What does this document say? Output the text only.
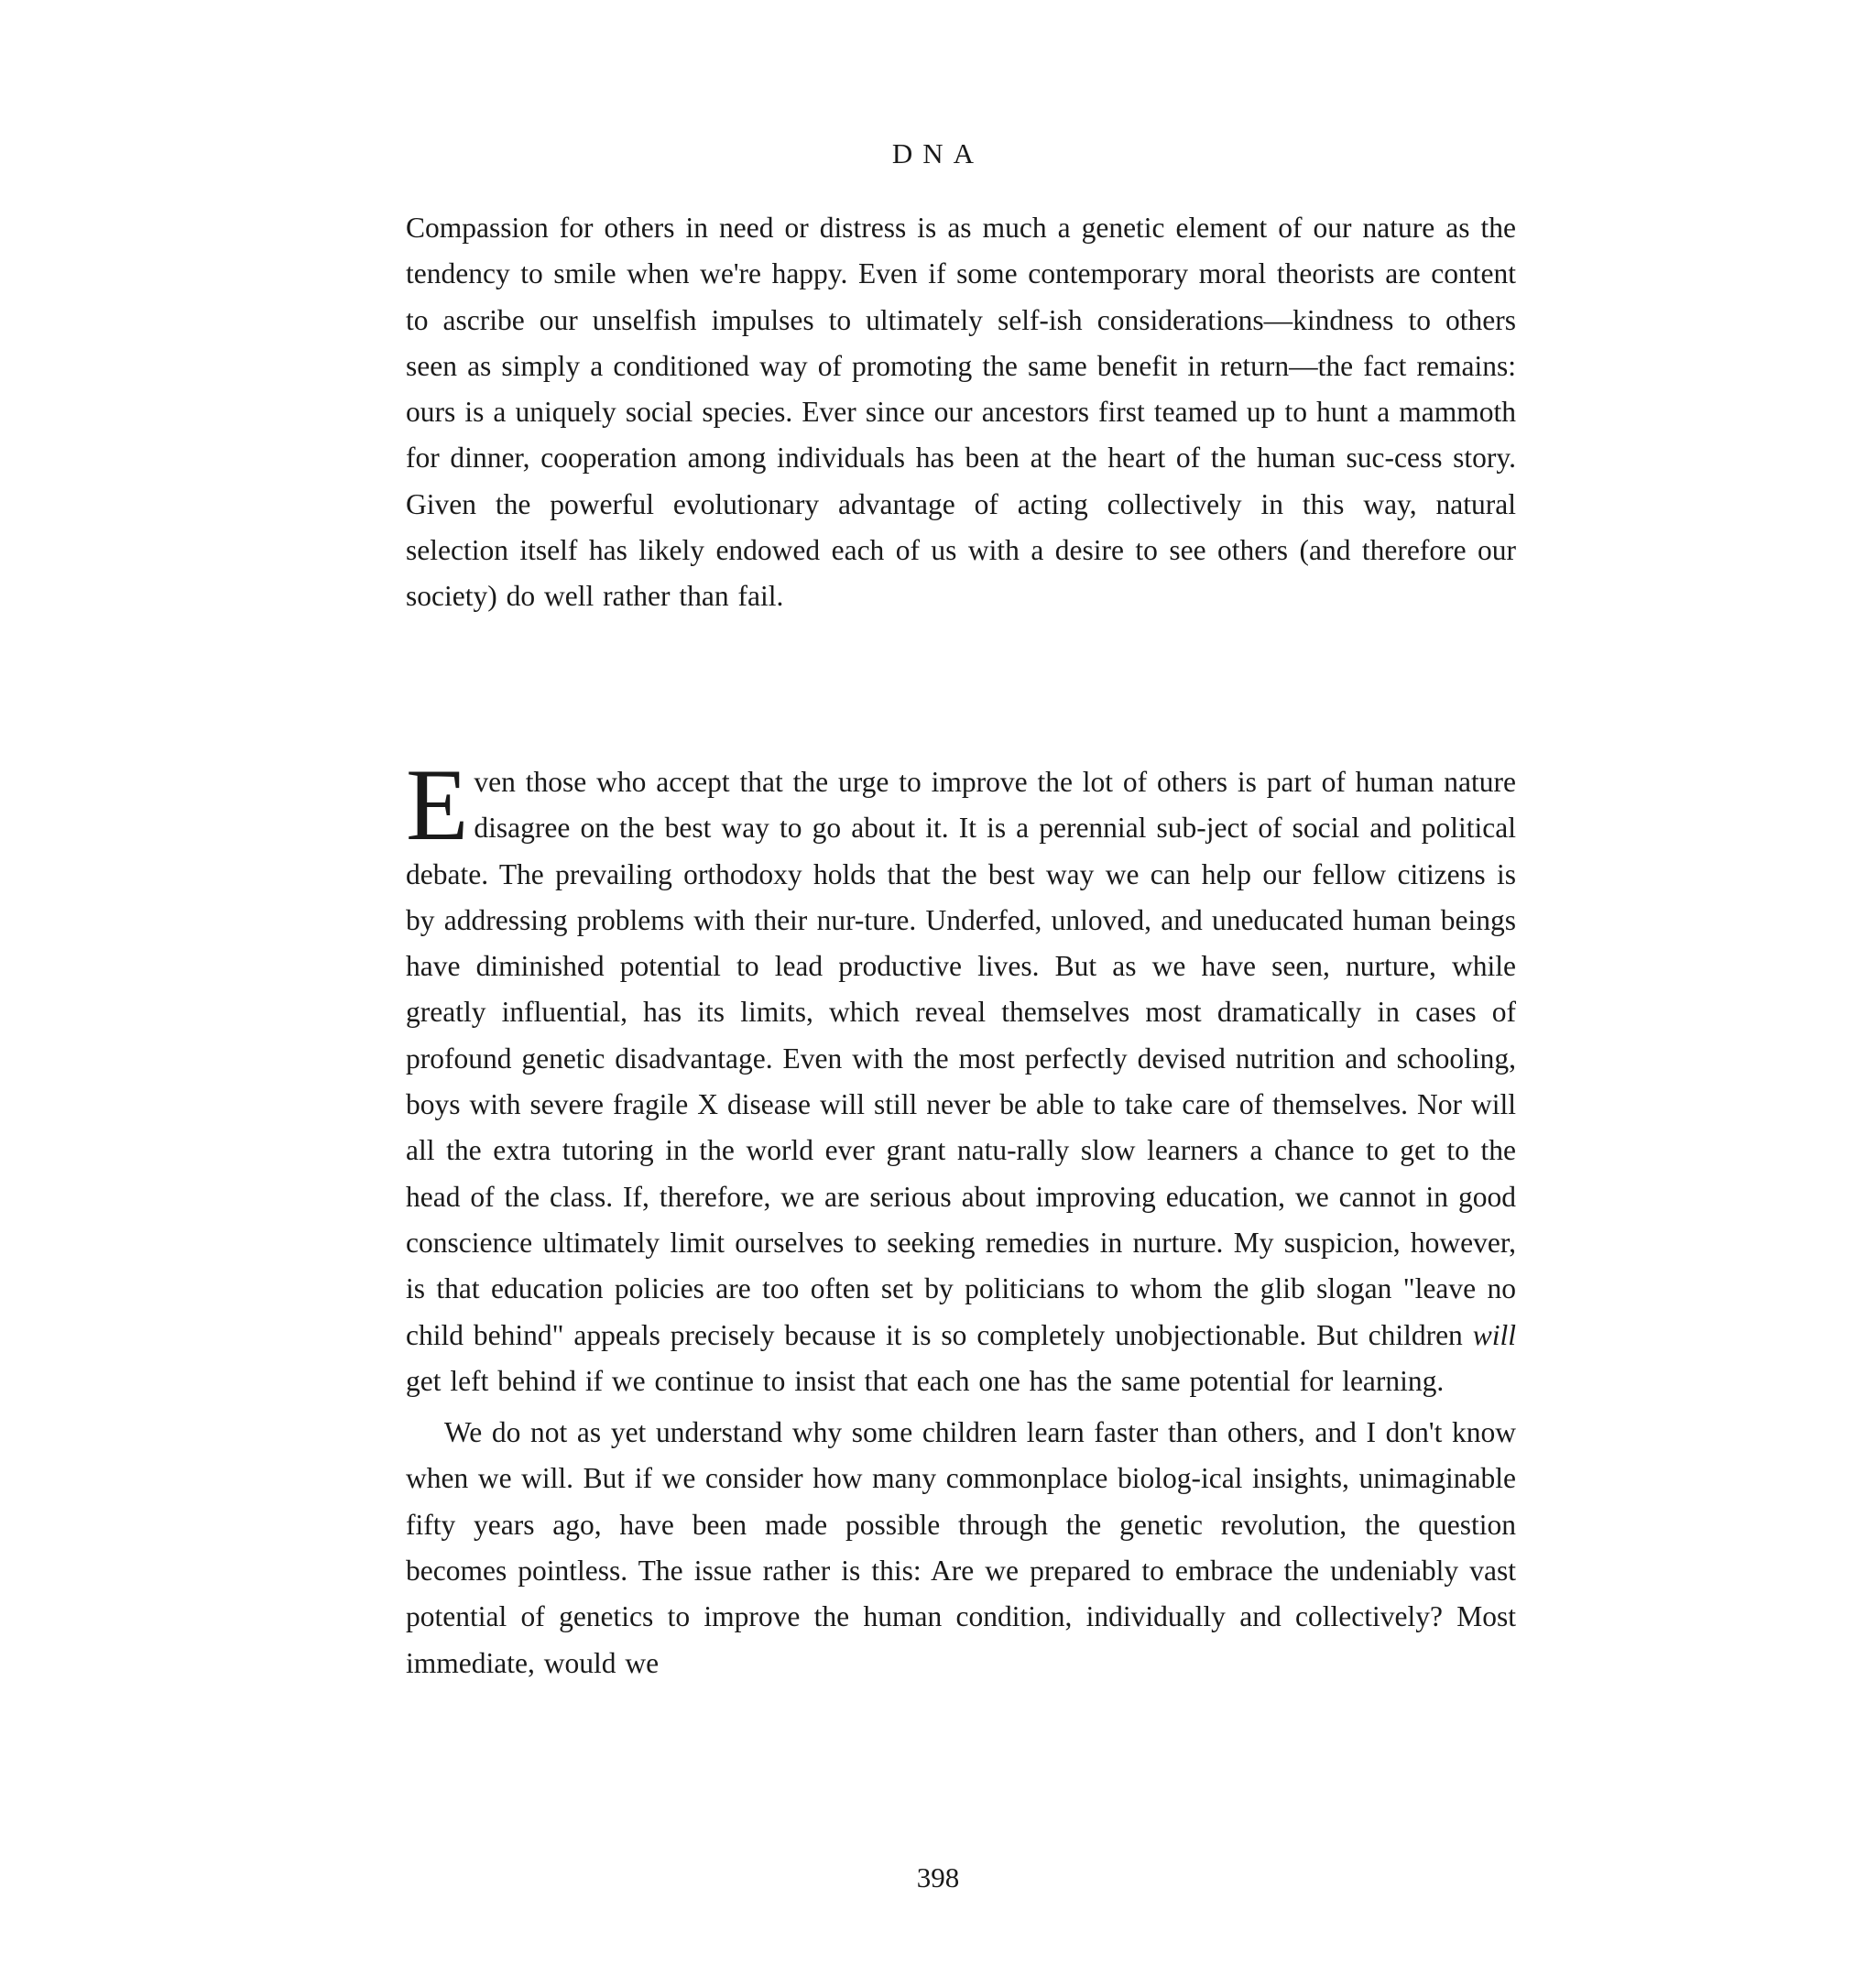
DNA

Compassion for others in need or distress is as much a genetic element of our nature as the tendency to smile when we're happy. Even if some contemporary moral theorists are content to ascribe our unselfish impulses to ultimately self-ish considerations—kindness to others seen as simply a conditioned way of promoting the same benefit in return—the fact remains: ours is a uniquely social species. Ever since our ancestors first teamed up to hunt a mammoth for dinner, cooperation among individuals has been at the heart of the human suc-cess story. Given the powerful evolutionary advantage of acting collectively in this way, natural selection itself has likely endowed each of us with a desire to see others (and therefore our society) do well rather than fail.

Even those who accept that the urge to improve the lot of others is part of human nature disagree on the best way to go about it. It is a perennial sub-ject of social and political debate. The prevailing orthodoxy holds that the best way we can help our fellow citizens is by addressing problems with their nur-ture. Underfed, unloved, and uneducated human beings have diminished potential to lead productive lives. But as we have seen, nurture, while greatly influential, has its limits, which reveal themselves most dramatically in cases of profound genetic disadvantage. Even with the most perfectly devised nutrition and schooling, boys with severe fragile X disease will still never be able to take care of themselves. Nor will all the extra tutoring in the world ever grant natu-rally slow learners a chance to get to the head of the class. If, therefore, we are serious about improving education, we cannot in good conscience ultimately limit ourselves to seeking remedies in nurture. My suspicion, however, is that education policies are too often set by politicians to whom the glib slogan "leave no child behind" appeals precisely because it is so completely unobjectionable. But children will get left behind if we continue to insist that each one has the same potential for learning.

We do not as yet understand why some children learn faster than others, and I don't know when we will. But if we consider how many commonplace biolog-ical insights, unimaginable fifty years ago, have been made possible through the genetic revolution, the question becomes pointless. The issue rather is this: Are we prepared to embrace the undeniably vast potential of genetics to improve the human condition, individually and collectively? Most immediate, would we

398
